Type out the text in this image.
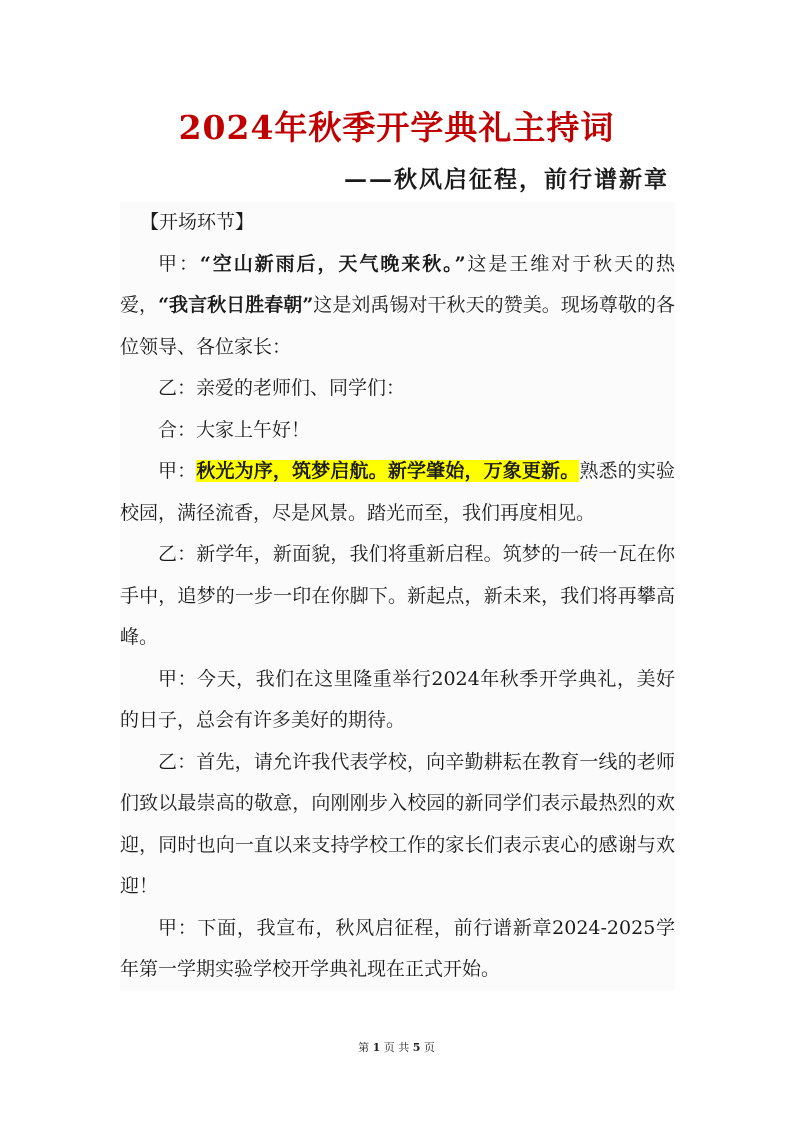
2024年秋季开学典礼主持词
——秋风启征程，前行谱新章
【开场环节】

甲：“空山新雨后，天气晚来秋。”这是王维对于秋天的热爱，“我言秋日胜春朝”这是刘禹锡对干秋天的赞美。现场尊敬的各位领导、各位家长：

乙：亲爱的老师们、同学们：

合：大家上午好！

甲：秋光为序，筑梦启航。新学肇始，万象更新。熟悉的实验校园，满径流香，尽是风景。踏光而至，我们再度相见。

乙：新学年，新面貌，我们将重新启程。筑梦的一砖一瓦在你手中，追梦的一步一印在你脚下。新起点，新未来，我们将再攀高峰。

甲：今天，我们在这里隆重举行2024年秋季开学典礼，美好的日子，总会有许多美好的期待。

乙：首先，请允许我代表学校，向辛勤耕耘在教育一线的老师们致以最崇高的敬意，向刚刚步入校园的新同学们表示最热烈的欢迎，同时也向一直以来支持学校工作的家长们表示衷心的感谢与欢迎！

甲：下面，我宣布，秋风启征程，前行谱新章2024-2025学年第一学期实验学校开学典礼现在正式开始。

第 1 页 共 5 页
